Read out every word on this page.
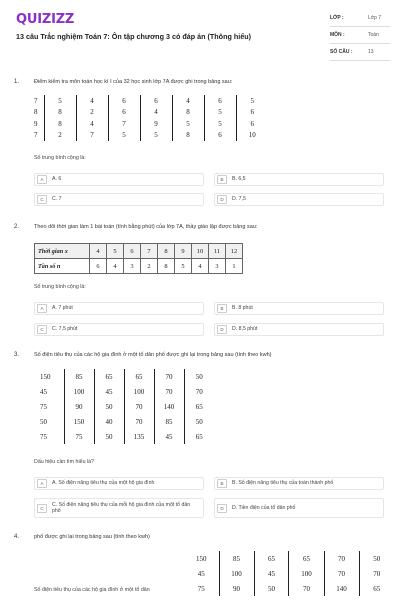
QUIZIZZ
13 câu Trắc nghiệm Toán 7: Ôn tập chương 3 có đáp án (Thông hiểu)
LỚP :	Lớp 7
MÔN :	Toán
SỐ CÂU :	13
1.	Điểm kiểm tra môn toán học kì I của 32 học sinh lớp 7A được ghi trong bảng sau:
7	5	4	6	6	4	6	5
8	8	2	6	4	8	5	6
9	8	4	7	9	5	5	6
7	2	7	5	5	8	6	10
Số trung bình cộng là:
A	A. 6	B	B. 6,5
C	C. 7	D	D. 7,5
2.	Theo dõi thời gian làm 1 bài toán (tính bằng phút) của lớp 7A, thầy giáo lập được bảng sau:
Thời gian x	4	5	6	7	8	9	10	11	12
Tần số n	6	4	3	2	8	5	4	3	1
Số trung bình cộng là:
A	A. 7 phút	B	B. 8 phút
C	C. 7,5 phút	D	D. 8,5 phút
3.	Số điện tiêu thụ của các hộ gia đình ở một tổ dân phố được ghi lại trong bảng sau (tính theo kwh)
150	85	65	65	70	50
45	100	45	100	70	70
75	90	50	70	140	65
50	150	40	70	85	50
75	75	50	135	45	65
Dấu hiệu cần tìm hiểu là?
A	A. Số điện năng tiêu thụ của một hộ gia đình	B	B. Số điện năng tiêu thụ của toàn thành phố
C
C. Số điện năng tiêu thụ của mỗi hộ gia đình của một tổ dân phố	D	D. Tiền điện của tổ dân phố
4.	phố được ghi lại trong bảng sau (tính theo kwh)
Số điện tiêu thụ của các hộ gia đình ở một tổ dân
150	85	65	65	70	50
45	100	45	100	70	70
75	90	50	70	140	65
